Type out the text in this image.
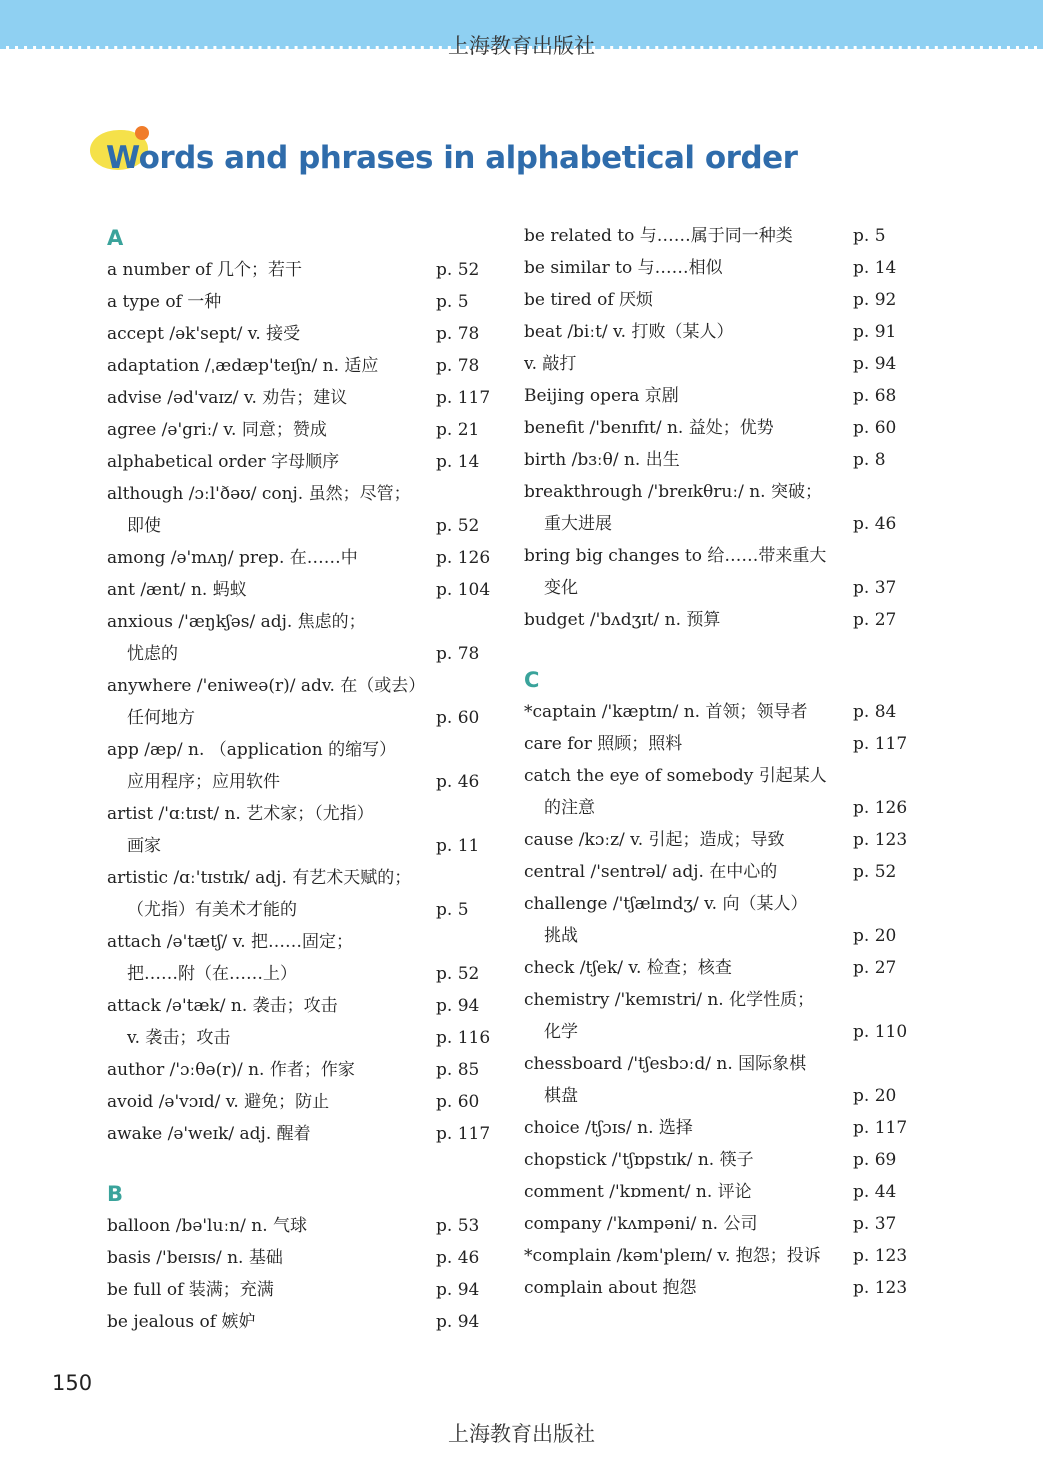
上海教育出版社
Words and phrases in alphabetical order
A
a number of 几个；若干	p. 52
a type of 一种	p. 5
accept /ək'sept/ v. 接受	p. 78
adaptation /ˌædæp'teɪʃn/ n. 适应	p. 78
advise /əd'vaɪz/ v. 劝告；建议	p. 117
agree /ə'griː/ v. 同意；赞成	p. 21
alphabetical order 字母顺序	p. 14
although /ɔːl'ðəʊ/ conj. 虽然；尽管；
即使	p. 52
among /ə'mʌŋ/ prep. 在……中	p. 126
ant /ænt/ n. 蚂蚁	p. 104
anxious /'æŋkʃəs/ adj. 焦虑的；
忧虑的	p. 78
anywhere /'eniweə(r)/ adv. 在（或去）
任何地方	p. 60
app /æp/ n. （application 的缩写）
应用程序；应用软件	p. 46
artist /'ɑːtɪst/ n. 艺术家；（尤指）
画家	p. 11
artistic /ɑː'tɪstɪk/ adj. 有艺术天赋的；
（尤指）有美术才能的	p. 5
attach /ə'tætʃ/ v. 把……固定；
把……附（在……上）	p. 52
attack /ə'tæk/ n. 袭击；攻击	p. 94
v. 袭击；攻击	p. 116
author /'ɔːθə(r)/ n. 作者；作家	p. 85
avoid /ə'vɔɪd/ v. 避免；防止	p. 60
awake /ə'weɪk/ adj. 醒着	p. 117
B
balloon /bə'luːn/ n. 气球	p. 53
basis /'beɪsɪs/ n. 基础	p. 46
be full of 装满；充满	p. 94
be jealous of 嫉妒	p. 94
be related to 与……属于同一种类	p. 5
be similar to 与……相似	p. 14
be tired of 厌烦	p. 92
beat /biːt/ v. 打败（某人）	p. 91
v. 敲打	p. 94
Beijing opera 京剧	p. 68
benefit /'benɪfɪt/ n. 益处；优势	p. 60
birth /bɜːθ/ n. 出生	p. 8
breakthrough /'breɪkθruː/ n. 突破；
重大进展	p. 46
bring big changes to 给……带来重大
变化	p. 37
budget /'bʌdʒɪt/ n. 预算	p. 27
C
*captain /'kæptɪn/ n. 首领；领导者	p. 84
care for 照顾；照料	p. 117
catch the eye of somebody 引起某人
的注意	p. 126
cause /kɔːz/ v. 引起；造成；导致	p. 123
central /'sentrəl/ adj. 在中心的	p. 52
challenge /'tʃælɪndʒ/ v. 向（某人）
挑战	p. 20
check /tʃek/ v. 检查；核查	p. 27
chemistry /'kemɪstri/ n. 化学性质；
化学	p. 110
chessboard /'tʃesbɔːd/ n. 国际象棋
棋盘	p. 20
choice /tʃɔɪs/ n. 选择	p. 117
chopstick /'tʃɒpstɪk/ n. 筷子	p. 69
comment /'kɒment/ n. 评论	p. 44
company /'kʌmpəni/ n. 公司	p. 37
*complain /kəm'pleɪn/ v. 抱怨；投诉 p. 123
complain about 抱怨	p. 123
150
上海教育出版社
